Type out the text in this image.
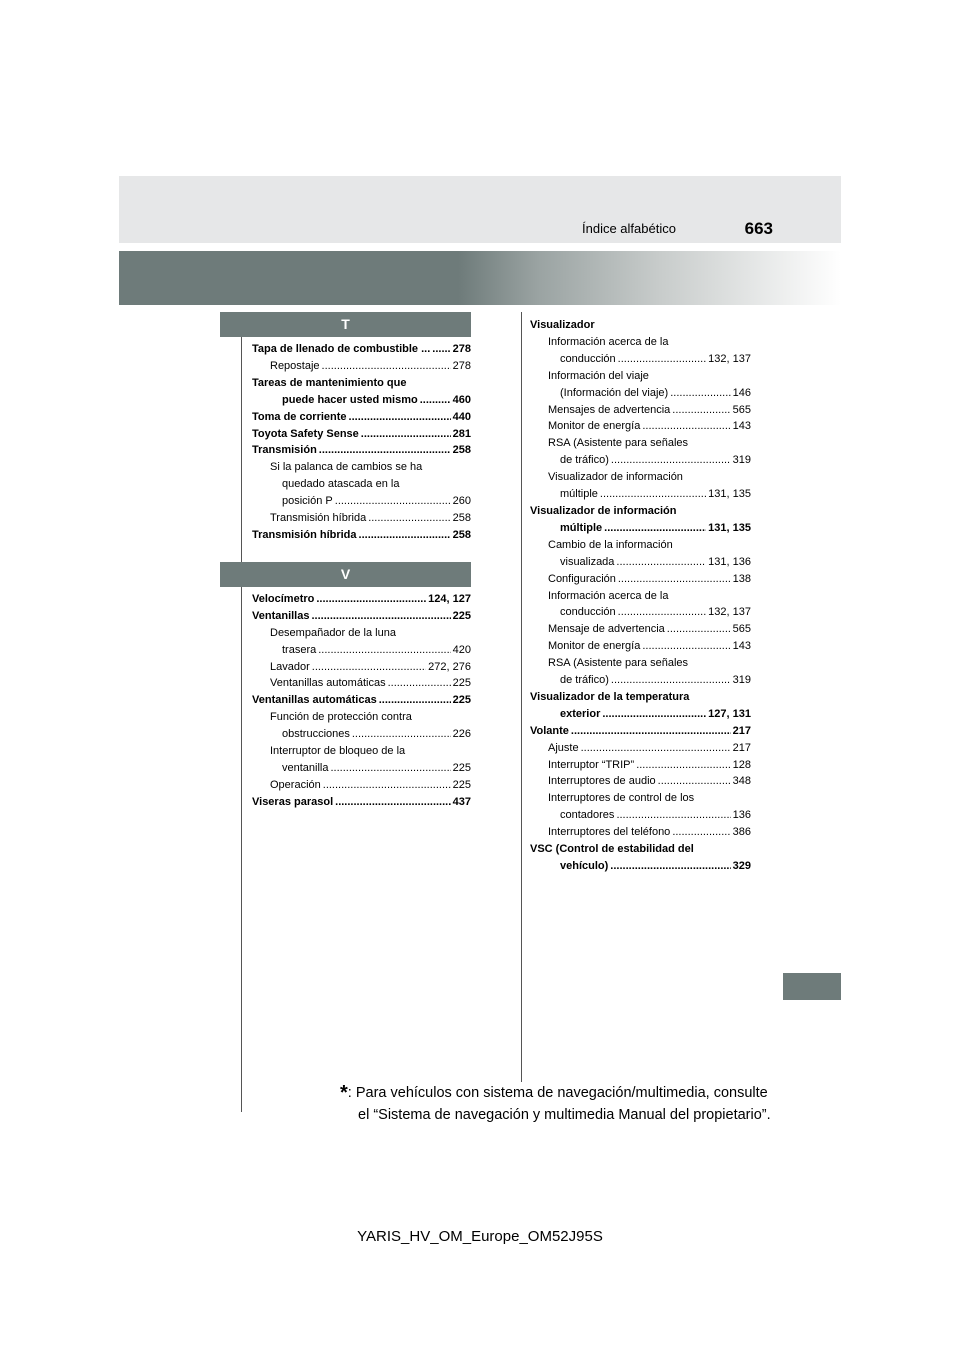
Índice alfabético	663
T
Tapa de llenado de combustible ... ..... 278
Repostaje .....	278
Tareas de mantenimiento que
puede hacer usted mismo .....	460
Toma de corriente .....	440
Toyota Safety Sense .....	281
Transmisión .....	258
Si la palanca de cambios se ha
quedado atascada en la
posición P .....	260
Transmisión híbrida .....	258
Transmisión híbrida .....	258
V
Velocímetro .....	124, 127
Ventanillas .....	225
Desempañador de la luna
trasera .....	420
Lavador .....	272, 276
Ventanillas automáticas .....	225
Ventanillas automáticas .....	225
Función de protección contra
obstrucciones .....	226
Interruptor de bloqueo de la
ventanilla .....	225
Operación .....	225
Viseras parasol .....	437
Visualizador
Información acerca de la
conducción .....	132, 137
Información del viaje
(Información del viaje) .....	146
Mensajes de advertencia .....	565
Monitor de energía .....	143
RSA (Asistente para señales
de tráfico) .....	319
Visualizador de información
múltiple .....	131, 135
Visualizador de información
múltiple .....	131, 135
Cambio de la información
visualizada .....	131, 136
Configuración .....	138
Información acerca de la
conducción .....	132, 137
Mensaje de advertencia .....	565
Monitor de energía .....	143
RSA (Asistente para señales
de tráfico) .....	319
Visualizador de la temperatura
exterior .....	127, 131
Volante .....	217
Ajuste .....	217
Interruptor “TRIP” .....	128
Interruptores de audio .....	348
Interruptores de control de los
contadores .....	136
Interruptores del teléfono .....	386
VSC (Control de estabilidad del
vehículo) .....	329
*: Para vehículos con sistema de navegación/multimedia, consulte
el “Sistema de navegación y multimedia Manual del propietario”.
YARIS_HV_OM_Europe_OM52J95S
